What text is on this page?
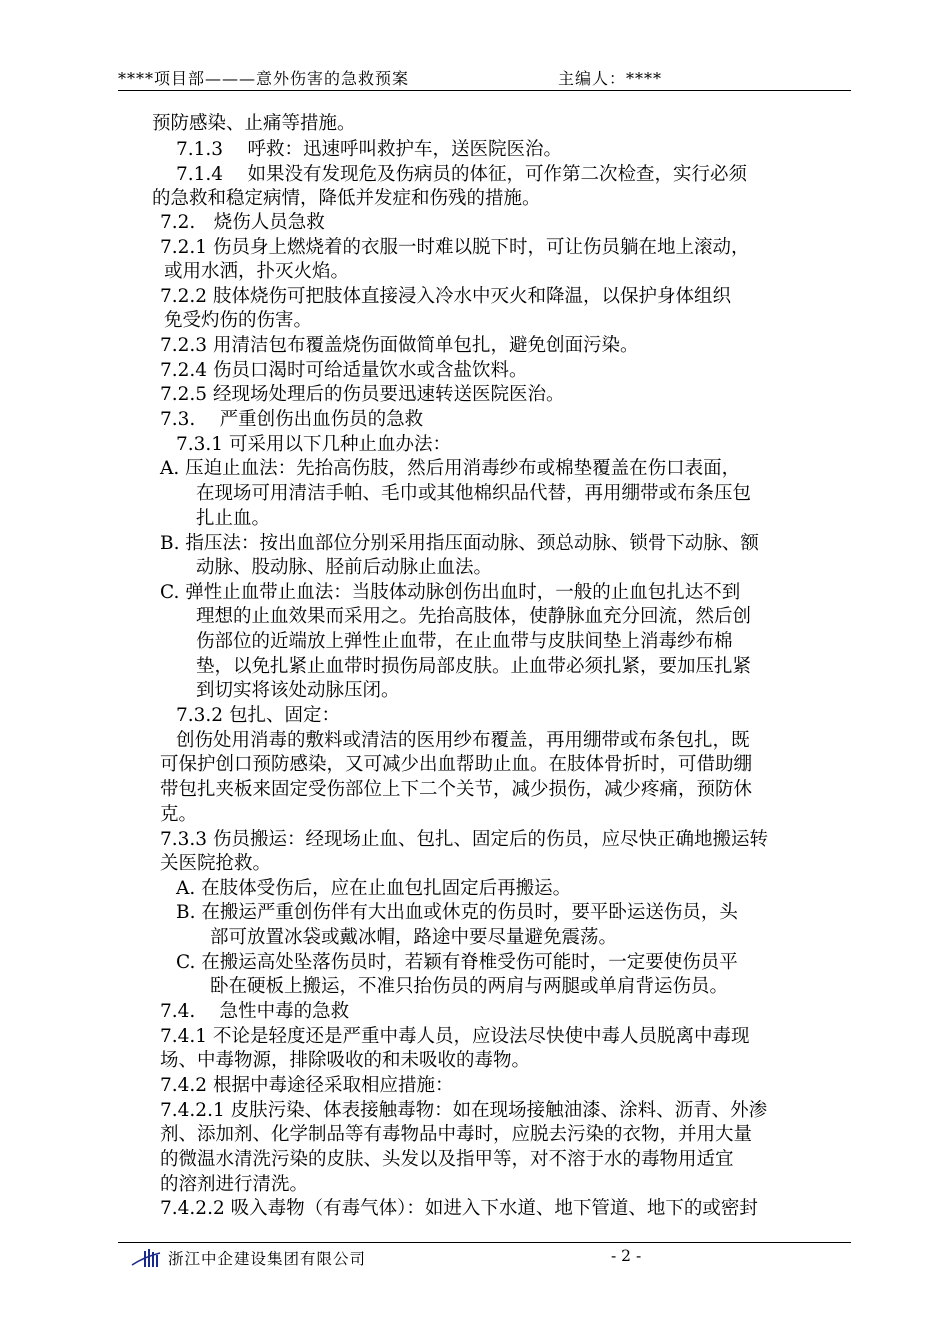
****项目部———意外伤害的急救预案	主编人：****
预防感染、止痛等措施。
7.1.3　 呼救：迅速呼叫救护车，送医院医治。
7.1.4　 如果没有发现危及伤病员的体征，可作第二次检查，实行必须
的急救和稳定病情，降低并发症和伤残的措施。
7.2.　烧伤人员急救
7.2.1 伤员身上燃烧着的衣服一时难以脱下时，可让伤员躺在地上滚动，
或用水洒，扑灭火焰。
7.2.2 肢体烧伤可把肢体直接浸入冷水中灭火和降温，以保护身体组织
免受灼伤的伤害。
7.2.3 用清洁包布覆盖烧伤面做简单包扎，避免创面污染。
7.2.4 伤员口渴时可给适量饮水或含盐饮料。
7.2.5 经现场处理后的伤员要迅速转送医院医治。
7.3.　 严重创伤出血伤员的急救
7.3.1 可采用以下几种止血办法：
A. 压迫止血法：先抬高伤肢，然后用消毒纱布或棉垫覆盖在伤口表面，
在现场可用清洁手帕、毛巾或其他棉织品代替，再用绷带或布条压包
扎止血。
B. 指压法：按出血部位分别采用指压面动脉、颈总动脉、锁骨下动脉、额
动脉、股动脉、胫前后动脉止血法。
C. 弹性止血带止血法：当肢体动脉创伤出血时，一般的止血包扎达不到
理想的止血效果而采用之。先抬高肢体，使静脉血充分回流，然后创
伤部位的近端放上弹性止血带，在止血带与皮肤间垫上消毒纱布棉
垫，以免扎紧止血带时损伤局部皮肤。止血带必须扎紧，要加压扎紧
到切实将该处动脉压闭。
7.3.2 包扎、固定：
创伤处用消毒的敷料或清洁的医用纱布覆盖，再用绷带或布条包扎，既
可保护创口预防感染，又可减少出血帮助止血。在肢体骨折时，可借助绷
带包扎夹板来固定受伤部位上下二个关节，减少损伤，减少疼痛，预防休
克。
7.3.3 伤员搬运：经现场止血、包扎、固定后的伤员，应尽快正确地搬运转
关医院抢救。
A. 在肢体受伤后，应在止血包扎固定后再搬运。
B. 在搬运严重创伤伴有大出血或休克的伤员时，要平卧运送伤员，头
部可放置冰袋或戴冰帽，路途中要尽量避免震荡。
C. 在搬运高处坠落伤员时，若颖有脊椎受伤可能时，一定要使伤员平
卧在硬板上搬运，不准只抬伤员的两肩与两腿或单肩背运伤员。
7.4.　 急性中毒的急救
7.4.1 不论是轻度还是严重中毒人员，应设法尽快使中毒人员脱离中毒现
场、中毒物源，排除吸收的和未吸收的毒物。
7.4.2 根据中毒途径采取相应措施：
7.4.2.1 皮肤污染、体表接触毒物：如在现场接触油漆、涂料、沥青、外渗
剂、添加剂、化学制品等有毒物品中毒时，应脱去污染的衣物，并用大量
的微温水清洗污染的皮肤、头发以及指甲等，对不溶于水的毒物用适宜
的溶剂进行清洗。
7.4.2.2 吸入毒物（有毒气体）：如进入下水道、地下管道、地下的或密封
浙江中企建设集团有限公司	- 2 -
